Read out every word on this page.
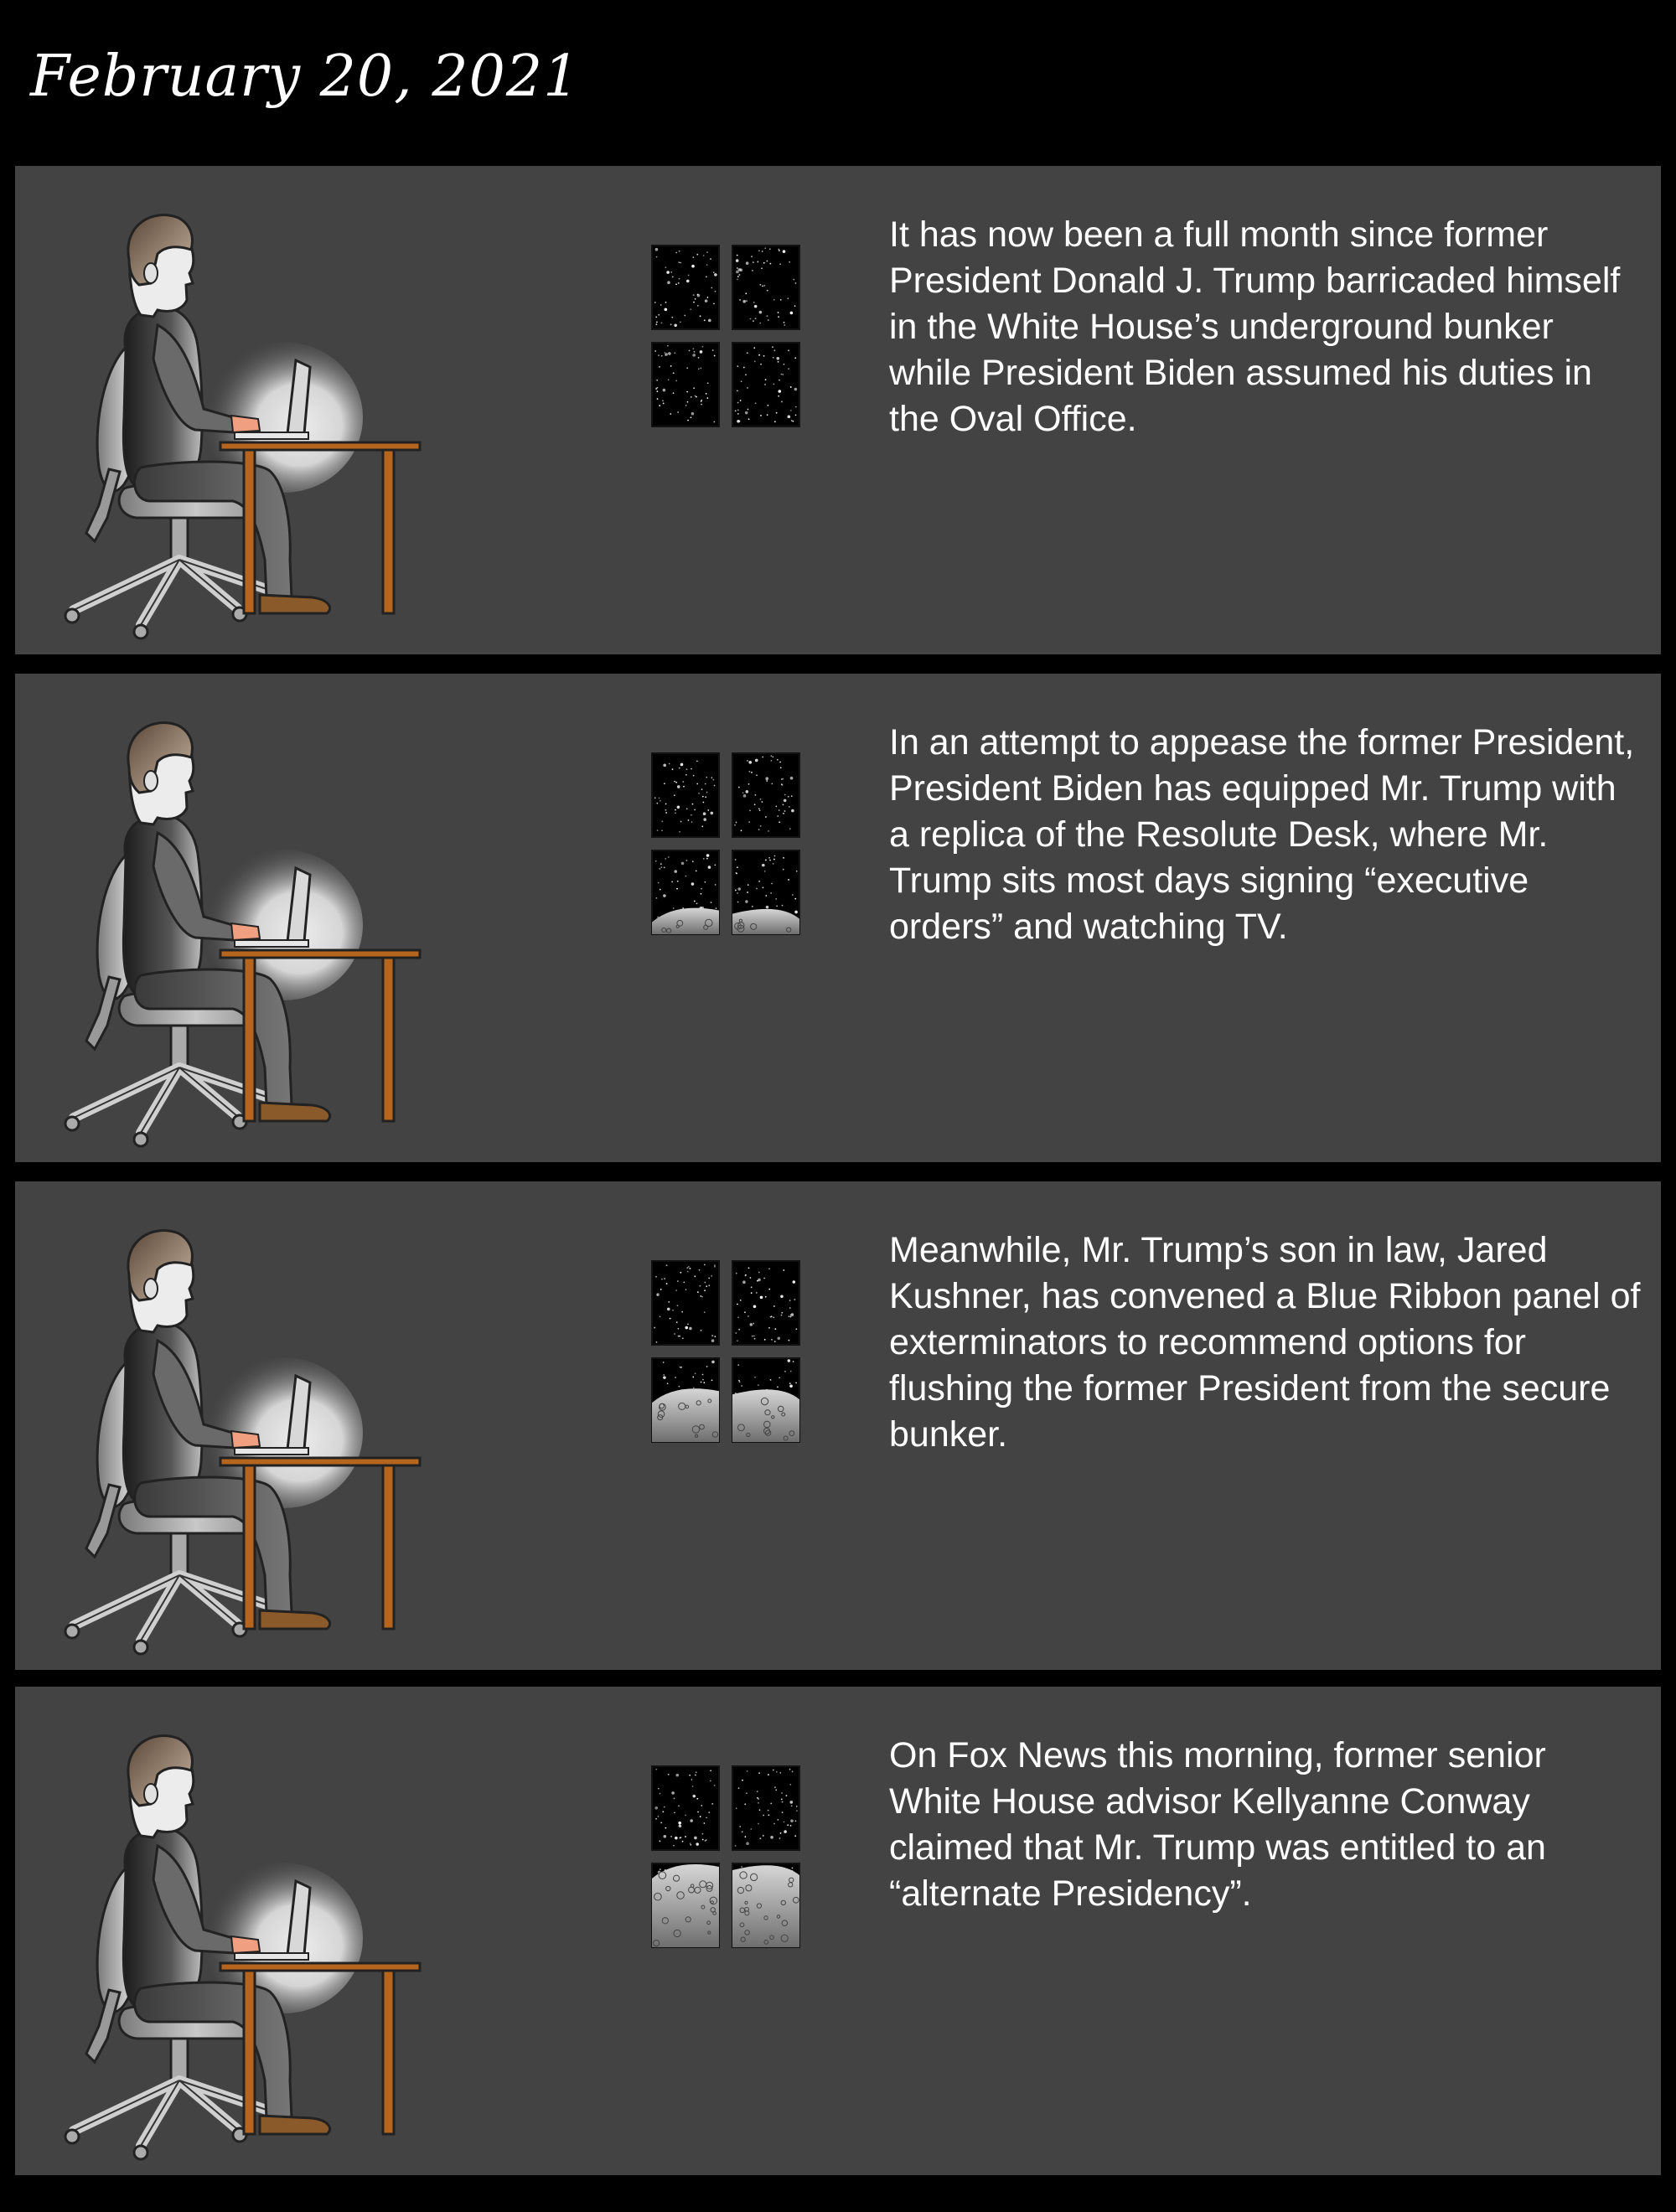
February 20, 2021

It has now been a full month since former President Donald J. Trump barricaded himself in the White House’s underground bunker while President Biden assumed his duties in the Oval Office.

In an attempt to appease the former President, President Biden has equipped Mr. Trump with a replica of the Resolute Desk, where Mr. Trump sits most days signing “executive orders” and watching TV.

Meanwhile, Mr. Trump’s son in law, Jared Kushner, has convened a Blue Ribbon panel of exterminators to recommend options for flushing the former President from the secure bunker.

On Fox News this morning, former senior White House advisor Kellyanne Conway claimed that Mr. Trump was entitled to an “alternate Presidency”.
